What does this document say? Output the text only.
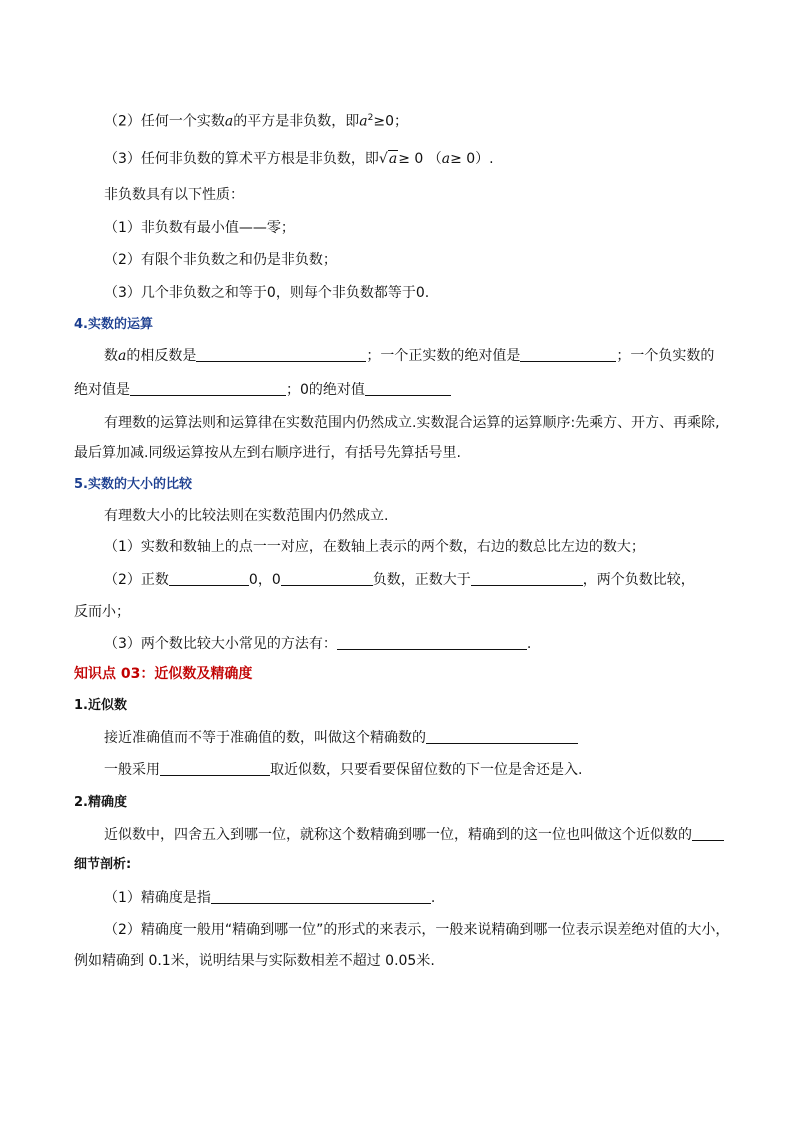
（2）任何一个实数a的平方是非负数，即$a^2\ge 0$；
（3）任何非负数的算术平方根是非负数，即√a≥ 0 （a≥ 0）.
非负数具有以下性质：
（1）非负数有最小值——零；
（2）有限个非负数之和仍是非负数；
（3）几个非负数之和等于0，则每个非负数都等于0.
4.实数的运算
数a的相反数是	；一个正实数的绝对值是	；一个负实数的
绝对值是	；0的绝对值
有理数的运算法则和运算律在实数范围内仍然成立.实数混合运算的运算顺序:先乘方、开方、再乘除,
最后算加减.同级运算按从左到右顺序进行，有括号先算括号里.
5.实数的大小的比较
有理数大小的比较法则在实数范围内仍然成立.
（1）实数和数轴上的点一一对应，在数轴上表示的两个数，右边的数总比左边的数大；
（2）正数	0，0	负数，正数大于	，两个负数比较，
反而小；
（3）两个数比较大小常见的方法有：	.
知识点 03：近似数及精确度
1.近似数
接近准确值而不等于准确值的数，叫做这个精确数的
一般采用	取近似数，只要看要保留位数的下一位是舍还是入.
2.精确度
近似数中，四舍五入到哪一位，就称这个数精确到哪一位，精确到的这一位也叫做这个近似数的
细节剖析:
（1）精确度是指	.
（2）精确度一般用“精确到哪一位”的形式的来表示，一般来说精确到哪一位表示误差绝对值的大小，
例如精确到 0.1米，说明结果与实际数相差不超过 0.05米.
